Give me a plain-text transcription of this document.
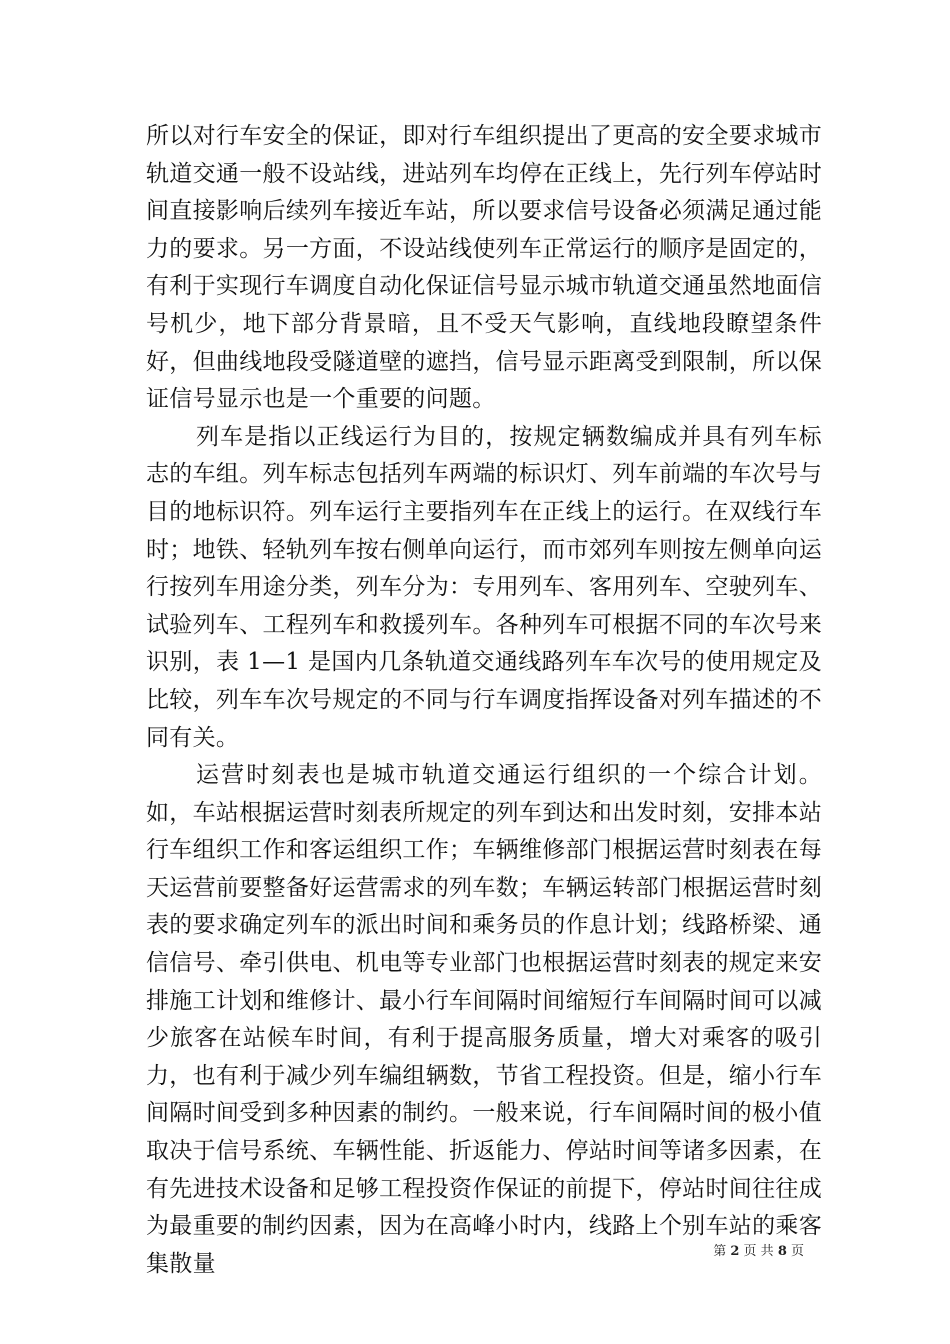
所以对行车安全的保证，即对行车组织提出了更高的安全要求城市轨道交通一般不设站线，进站列车均停在正线上，先行列车停站时间直接影响后续列车接近车站，所以要求信号设备必须满足通过能力的要求。另一方面，不设站线使列车正常运行的顺序是固定的，有利于实现行车调度自动化保证信号显示城市轨道交通虽然地面信号机少，地下部分背景暗，且不受天气影响，直线地段瞭望条件好，但曲线地段受隧道壁的遮挡，信号显示距离受到限制，所以保证信号显示也是一个重要的问题。

列车是指以正线运行为目的，按规定辆数编成并具有列车标志的车组。列车标志包括列车两端的标识灯、列车前端的车次号与目的地标识符。列车运行主要指列车在正线上的运行。在双线行车时；地铁、轻轨列车按右侧单向运行，而市郊列车则按左侧单向运行按列车用途分类，列车分为：专用列车、客用列车、空驶列车、试验列车、工程列车和救援列车。各种列车可根据不同的车次号来识别，表 1—1 是国内几条轨道交通线路列车车次号的使用规定及比较，列车车次号规定的不同与行车调度指挥设备对列车描述的不同有关。

运营时刻表也是城市轨道交通运行组织的一个综合计划。如，车站根据运营时刻表所规定的列车到达和出发时刻，安排本站行车组织工作和客运组织工作；车辆维修部门根据运营时刻表在每天运营前要整备好运营需求的列车数；车辆运转部门根据运营时刻表的要求确定列车的派出时间和乘务员的作息计划；线路桥梁、通信信号、牵引供电、机电等专业部门也根据运营时刻表的规定来安排施工计划和维修计、最小行车间隔时间缩短行车间隔时间可以减少旅客在站候车时间，有利于提高服务质量，增大对乘客的吸引力，也有利于减少列车编组辆数，节省工程投资。但是，缩小行车间隔时间受到多种因素的制约。一般来说，行车间隔时间的极小值取决于信号系统、车辆性能、折返能力、停站时间等诸多因素，在有先进技术设备和足够工程投资作保证的前提下，停站时间往往成为最重要的制约因素，因为在高峰小时内，线路上个别车站的乘客集散量	第 2 页 共 8 页
